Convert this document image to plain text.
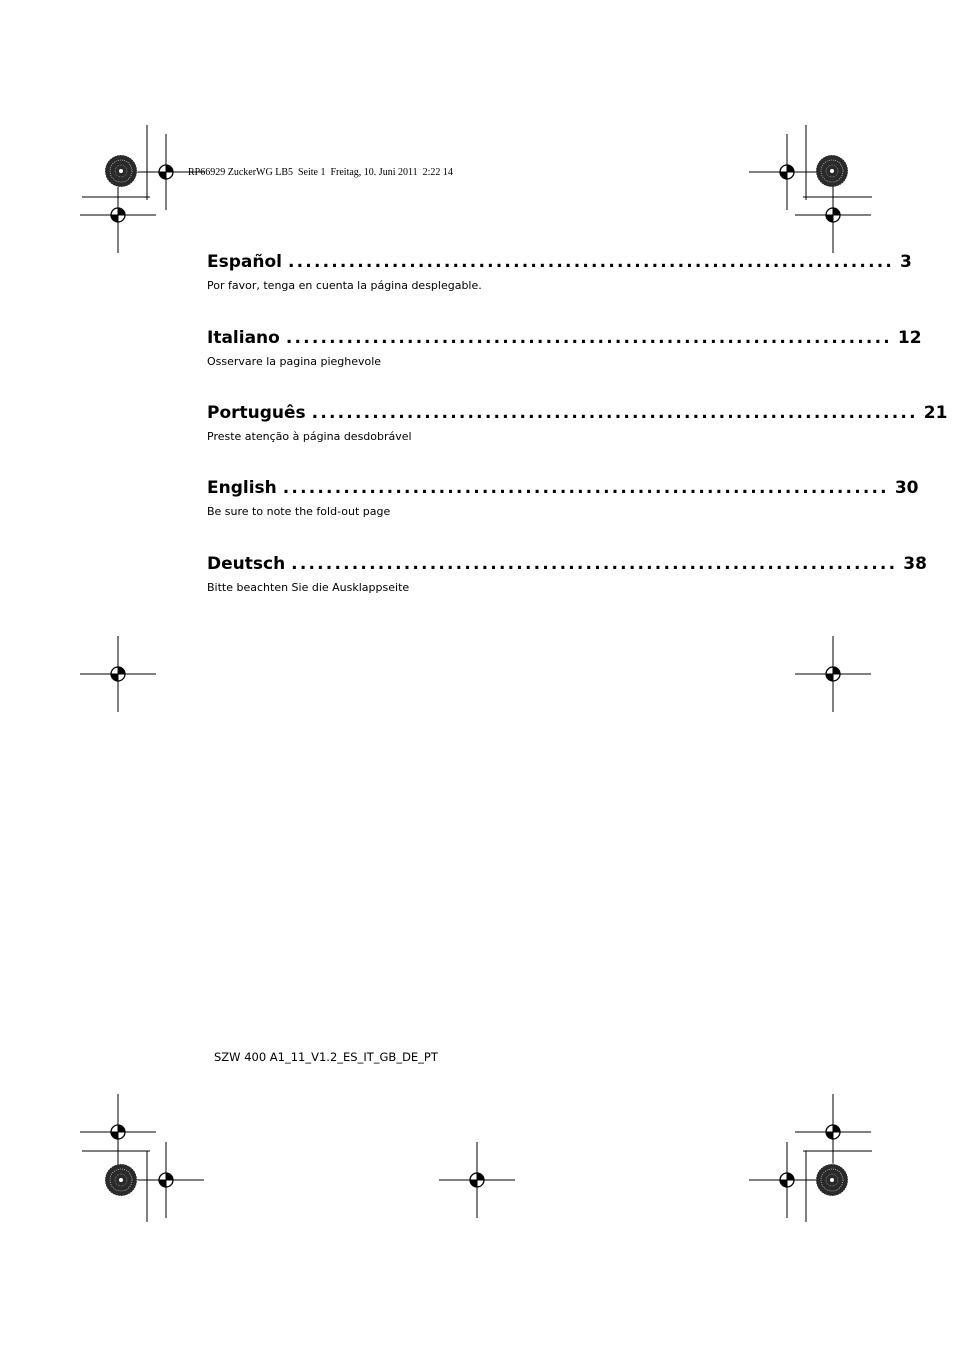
RP66929 ZuckerWG LB5  Seite 1  Freitag, 10. Juni 2011  2:22 14
Español ...................................................................... 3
Por favor, tenga en cuenta la página desplegable.
Italiano ...................................................................... 12
Osservare la pagina pieghevole
Português ...................................................................... 21
Preste atenção à página desdobrável
English ...................................................................... 30
Be sure to note the fold-out page
Deutsch ...................................................................... 38
Bitte beachten Sie die Ausklappseite
SZW 400 A1_11_V1.2_ES_IT_GB_DE_PT
